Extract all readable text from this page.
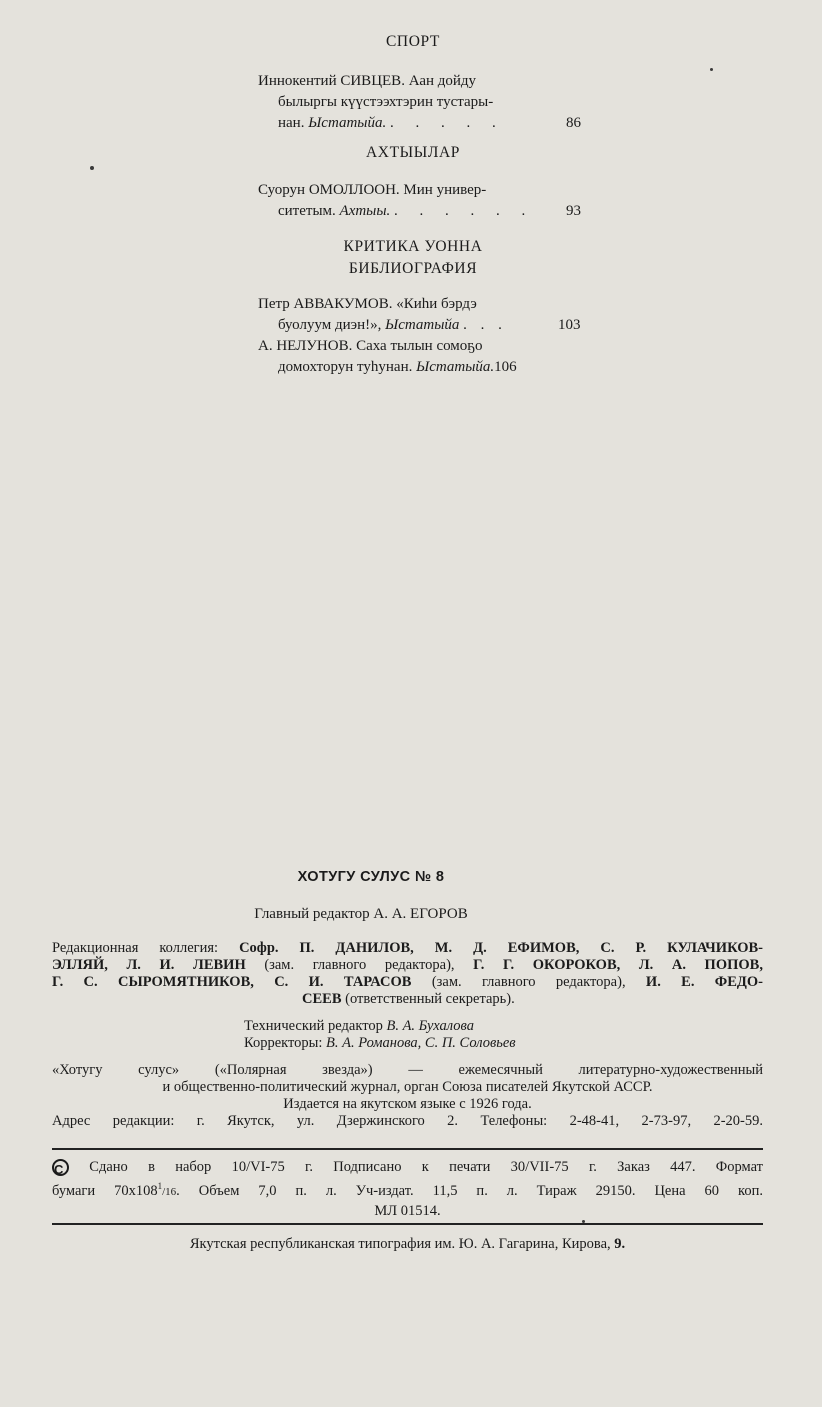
СПОРТ
Иннокентий СИВЦЕВ. Аан дойду
былыргы күүстээхтэрин тустары-
нан. Ыстатыйа. . . . . .	86
АХТЫЫЛАР
Суорун ОМОЛЛООН. Мин универ-
ситетым. Ахтыы. . . . . . . 93
КРИТИКА УОННА
БИБЛИОГРАФИЯ
Петр АВВАКУМОВ. «Киһи бэрдэ
буолуум диэн!», Ыстатыйа . . .	103
А. НЕЛУНОВ. Саха тылын сомоҕо
домохторун туһунан. Ыстатыйа.106
ХОТУГУ СУЛУС № 8
Главный редактор А. А. ЕГОРОВ
Редакционная коллегия: Софр. П. ДАНИЛОВ, М. Д. ЕФИМОВ, С. Р. КУЛАЧИКОВ-
ЭЛЛЯЙ, Л. И. ЛЕВИН (зам. главного редактора), Г. Г. ОКОРОКОВ, Л. А. ПОПОВ,
Г. С. СЫРОМЯТНИКОВ, С. И. ТАРАСОВ (зам. главного редактора), И. Е. ФЕДО-
СЕЕВ (ответственный секретарь).
Технический редактор В. А. Бухалова
Корректоры: В. А. Романова, С. П. Соловьев
«Хотугу сулус» («Полярная звезда») — ежемесячный литературно-художественный
и общественно-политический журнал, орган Союза писателей Якутской АССР.
Издается на якутском языке с 1926 года.
Адрес редакции: г. Якутск, ул. Дзержинского 2. Телефоны: 2-48-41, 2-73-97, 2-20-59.
C Сдано в набор 10/VI-75 г. Подписано к печати 30/VII-75 г. Заказ 447. Формат
бумаги $70x108^1/16$. Объем 7,0 п. л. Уч-издат. 11,5 п. л. Тираж 29150. Цена 60 коп.
МЛ 01514.
Якутская республиканская типография им. Ю. А. Гагарина, Кирова, 9.
